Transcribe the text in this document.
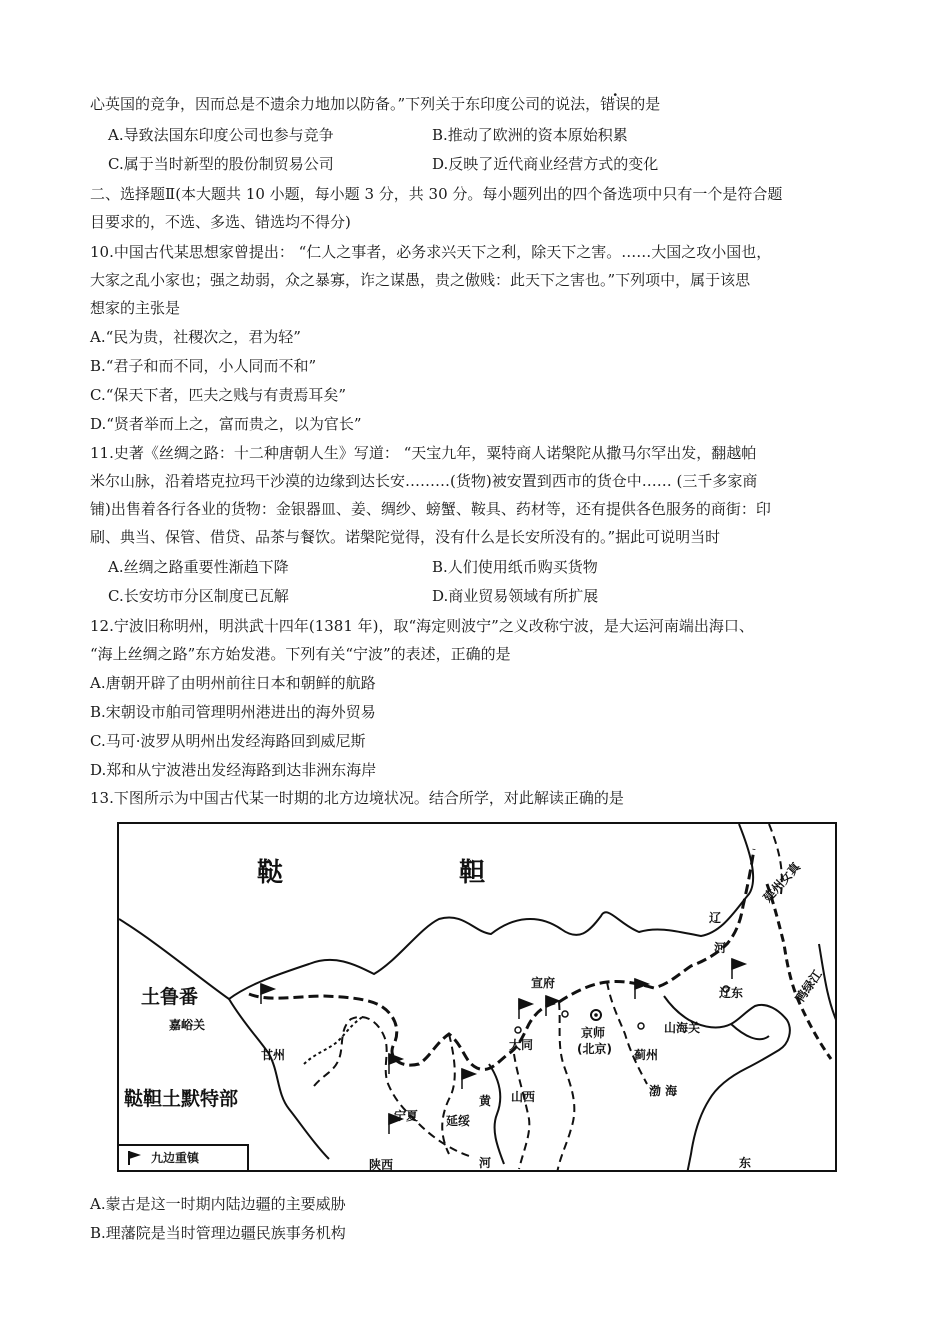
心英国的竞争，因而总是不遗余力地加以防备。”下列关于东印度公司的说法，错误的是
A.导致法国东印度公司也参与竞争	B.推动了欧洲的资本原始积累
C.属于当时新型的股份制贸易公司	D.反映了近代商业经营方式的变化
二、选择题Ⅱ(本大题共 10 小题，每小题 3 分，共 30 分。每小题列出的四个备选项中只有一个是符合题
目要求的，不选、多选、错选均不得分)
10.中国古代某思想家曾提出： “仁人之事者，必务求兴天下之利，除天下之害。……大国之攻小国也，
大家之乱小家也；强之劫弱，众之暴寡，诈之谋愚，贵之傲贱：此天下之害也。”下列项中，属于该思
想家的主张是
A.“民为贵，社稷次之，君为轻”
B.“君子和而不同，小人同而不和”
C.“保天下者，匹夫之贱与有责焉耳矣”
D.“贤者举而上之，富而贵之，以为官长”
11.史著《丝绸之路：十二种唐朝人生》写道： “天宝九年，粟特商人诺槃陀从撒马尔罕出发，翻越帕
米尔山脉，沿着塔克拉玛干沙漠的边缘到达长安………(货物)被安置到西市的货仓中…… (三千多家商
铺)出售着各行各业的货物：金银器皿、姜、绸纱、螃蟹、鞍具、药材等，还有提供各色服务的商街：印
刷、典当、保管、借贷、品茶与餐饮。诺槃陀觉得，没有什么是长安所没有的。”据此可说明当时
A.丝绸之路重要性渐趋下降	B.人们使用纸币购买货物
C.长安坊市分区制度已瓦解	D.商业贸易领域有所扩展
12.宁波旧称明州，明洪武十四年(1381 年)，取“海定则波宁”之义改称宁波，是大运河南端出海口、
“海上丝绸之路”东方始发港。下列有关“宁波”的表述，正确的是
A.唐朝开辟了由明州前往日本和朝鲜的航路
B.宋朝设市舶司管理明州港进出的海外贸易
C.马可·波罗从明州出发经海路回到威尼斯
D.郑和从宁波港出发经海路到达非洲东海岸
13.下图所示为中国古代某一时期的北方边境状况。结合所学，对此解读正确的是
鞑	靼
土鲁番
嘉峪关
甘州
鞑靼土默特部
宁夏
陕西
延绥
黄
河
山西
大同
宣府
京师
(北京) 蓟州
山海关
渤 海
辽东
辽
河
建州女真
鸭绿江
东
九边重镇
A.蒙古是这一时期内陆边疆的主要威胁
B.理藩院是当时管理边疆民族事务机构
